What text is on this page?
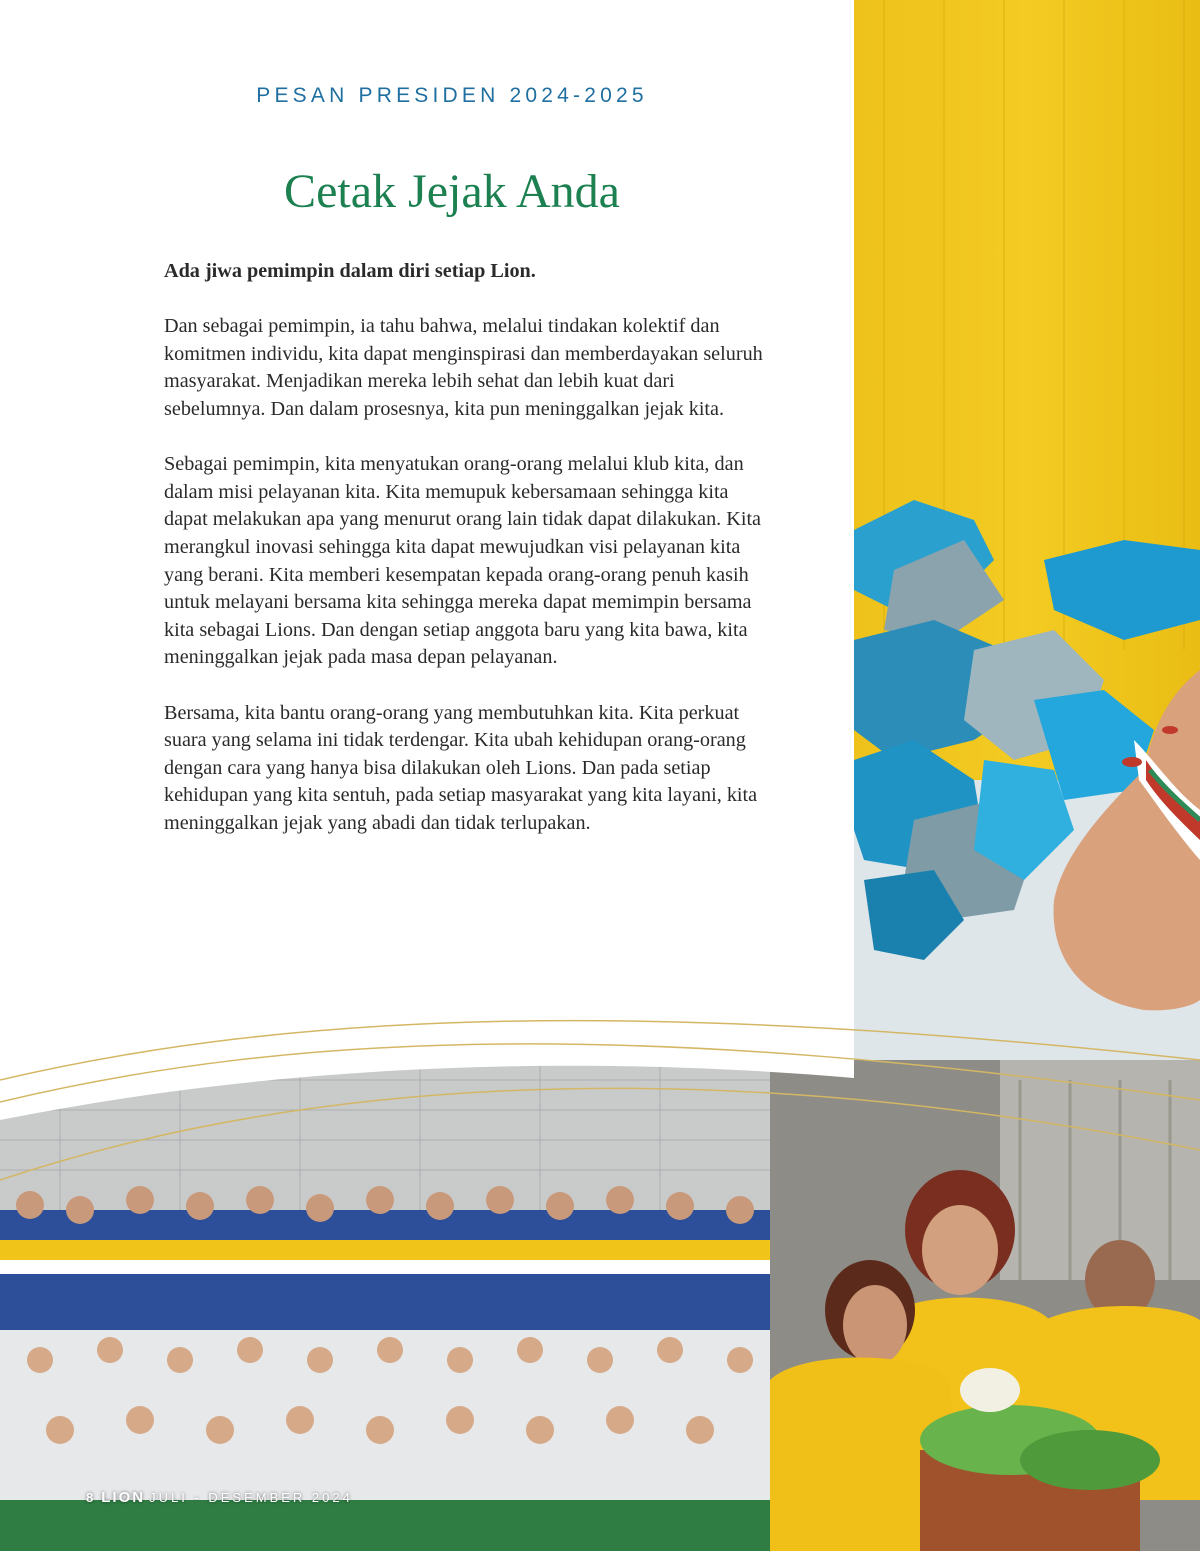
PESAN PRESIDEN 2024-2025
Cetak Jejak Anda

Ada jiwa pemimpin dalam diri setiap Lion.

Dan sebagai pemimpin, ia tahu bahwa, melalui tindakan kolektif dan komitmen individu, kita dapat menginspirasi dan memberdayakan seluruh masyarakat. Menjadikan mereka lebih sehat dan lebih kuat dari sebelumnya. Dan dalam prosesnya, kita pun meninggalkan jejak kita.

Sebagai pemimpin, kita menyatukan orang-orang melalui klub kita, dan dalam misi pelayanan kita. Kita memupuk kebersamaan sehingga kita dapat melakukan apa yang menurut orang lain tidak dapat dilakukan. Kita merangkul inovasi sehingga kita dapat mewujudkan visi pelayanan kita yang berani. Kita memberi kesempatan kepada orang-orang penuh kasih untuk melayani bersama kita sehingga mereka dapat memimpin bersama kita sebagai Lions. Dan dengan setiap anggota baru yang kita bawa, kita meninggalkan jejak pada masa depan pelayanan.

Bersama, kita bantu orang-orang yang membutuhkan kita. Kita perkuat suara yang selama ini tidak terdengar. Kita ubah kehidupan orang-orang dengan cara yang hanya bisa dilakukan oleh Lions. Dan pada setiap kehidupan yang kita sentuh, pada setiap masyarakat yang kita layani, kita meninggalkan jejak yang abadi dan tidak terlupakan.

8 LION JULI - DESEMBER 2024
